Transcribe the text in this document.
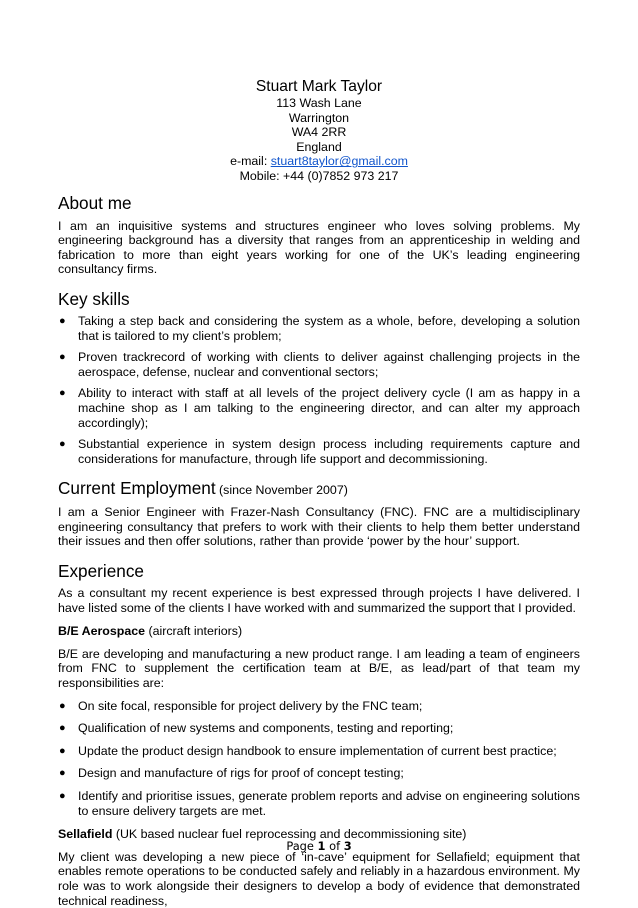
Stuart Mark Taylor
113 Wash Lane
Warrington
WA4 2RR
England
e-mail: stuart8taylor@gmail.com
Mobile: +44 (0)7852 973 217
About me

I am an inquisitive systems and structures engineer who loves solving problems. My engineering background has a diversity that ranges from an apprenticeship in welding and fabrication to more than eight years working for one of the UK’s leading engineering consultancy firms.

Key skills
● Taking a step back and considering the system as a whole, before, developing a solution that is tailored to my client’s problem;
● Proven trackrecord of working with clients to deliver against challenging projects in the aerospace, defense, nuclear and conventional sectors;
● Ability to interact with staff at all levels of the project delivery cycle (I am as happy in a machine shop as I am talking to the engineering director, and can alter my approach accordingly);
● Substantial experience in system design process including requirements capture and considerations for manufacture, through life support and decommissioning.
Current Employment (since November 2007)

I am a Senior Engineer with Frazer-Nash Consultancy (FNC). FNC are a multidisciplinary engineering consultancy that prefers to work with their clients to help them better understand their issues and then offer solutions, rather than provide ‘power by the hour’ support.

Experience

As a consultant my recent experience is best expressed through projects I have delivered. I have listed some of the clients I have worked with and summarized the support that I provided.

B/E Aerospace (aircraft interiors)

B/E are developing and manufacturing a new product range. I am leading a team of engineers from FNC to supplement the certification team at B/E, as lead/part of that team my responsibilities are:

● On site focal, responsible for project delivery by the FNC team;
● Qualification of new systems and components, testing and reporting;
● Update the product design handbook to ensure implementation of current best practice;
● Design and manufacture of rigs for proof of concept testing;
● Identify and prioritise issues, generate problem reports and advise on engineering solutions to ensure delivery targets are met.
Sellafield (UK based nuclear fuel reprocessing and decommissioning site)

My client was developing a new piece of ‘in-cave’ equipment for Sellafield; equipment that enables remote operations to be conducted safely and reliably in a hazardous environment. My role was to work alongside their designers to develop a body of evidence that demonstrated technical readiness,

Page 1 of 3
